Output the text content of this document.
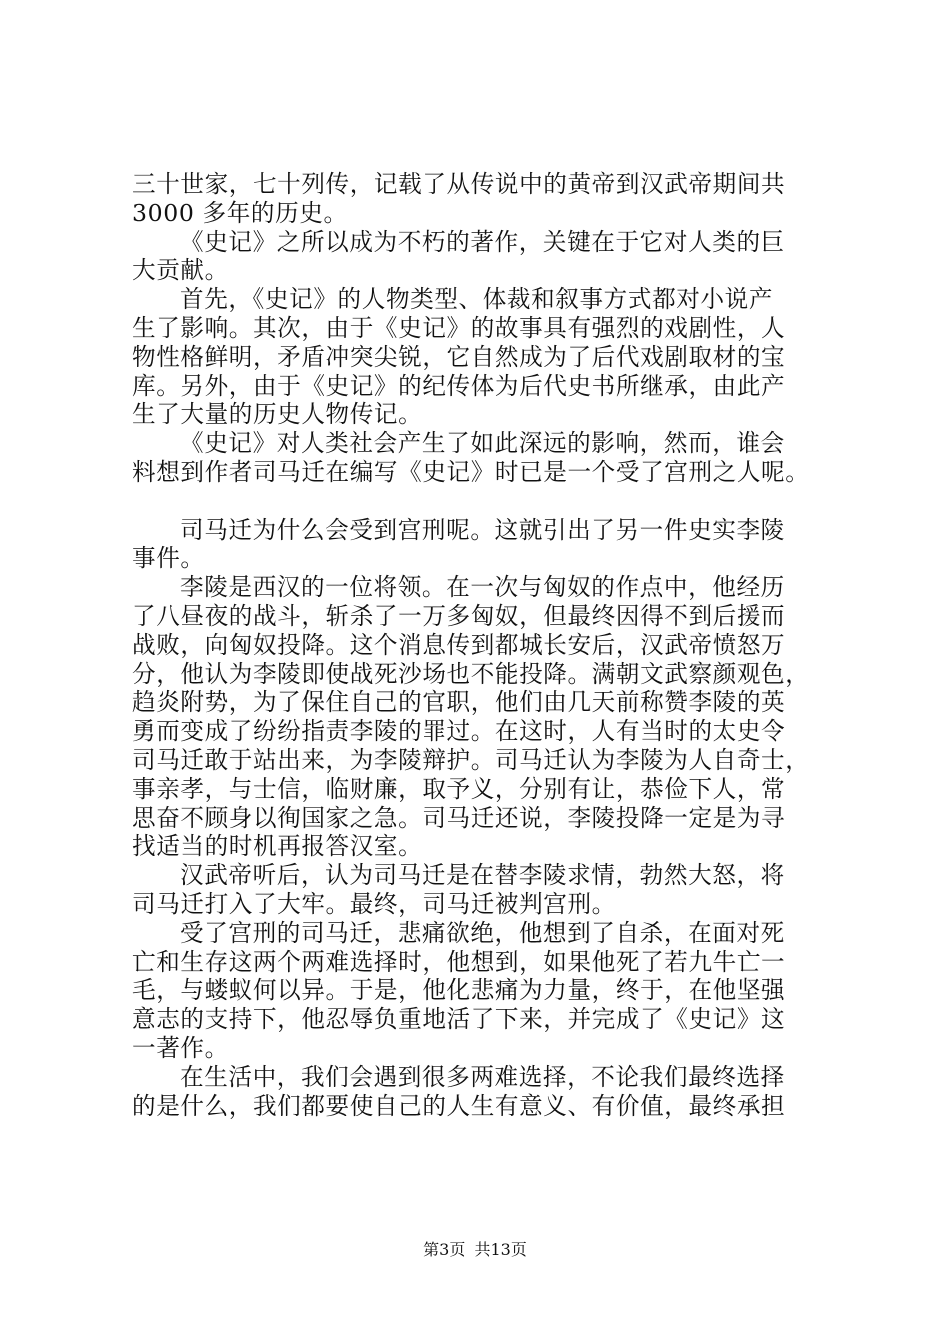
三十世家，七十列传，记载了从传说中的黄帝到汉武帝期间共
3000 多年的历史。
《史记》之所以成为不朽的著作，关键在于它对人类的巨
大贡献。
首先，《史记》的人物类型、体裁和叙事方式都对小说产
生了影响。其次，由于《史记》的故事具有强烈的戏剧性，人
物性格鲜明，矛盾冲突尖锐，它自然成为了后代戏剧取材的宝
库。另外，由于《史记》的纪传体为后代史书所继承，由此产
生了大量的历史人物传记。
《史记》对人类社会产生了如此深远的影响，然而，谁会
料想到作者司马迁在编写《史记》时已是一个受了宫刑之人呢。
司马迁为什么会受到宫刑呢。这就引出了另一件史实李陵
事件。
李陵是西汉的一位将领。在一次与匈奴的作点中，他经历
了八昼夜的战斗，斩杀了一万多匈奴，但最终因得不到后援而
战败，向匈奴投降。这个消息传到都城长安后，汉武帝愤怒万
分，他认为李陵即使战死沙场也不能投降。满朝文武察颜观色，
趋炎附势，为了保住自己的官职，他们由几天前称赞李陵的英
勇而变成了纷纷指责李陵的罪过。在这时，人有当时的太史令
司马迁敢于站出来，为李陵辩护。司马迁认为李陵为人自奇士，
事亲孝，与士信，临财廉，取予义，分别有让，恭俭下人，常
思奋不顾身以徇国家之急。司马迁还说，李陵投降一定是为寻
找适当的时机再报答汉室。
汉武帝听后，认为司马迁是在替李陵求情，勃然大怒，将
司马迁打入了大牢。最终，司马迁被判宫刑。
受了宫刑的司马迁，悲痛欲绝，他想到了自杀，在面对死
亡和生存这两个两难选择时，他想到，如果他死了若九牛亡一
毛，与蝼蚁何以异。于是，他化悲痛为力量，终于，在他坚强
意志的支持下，他忍辱负重地活了下来，并完成了《史记》这
一著作。
在生活中，我们会遇到很多两难选择，不论我们最终选择
的是什么，我们都要使自己的人生有意义、有价值，最终承担
第3页 共13页
